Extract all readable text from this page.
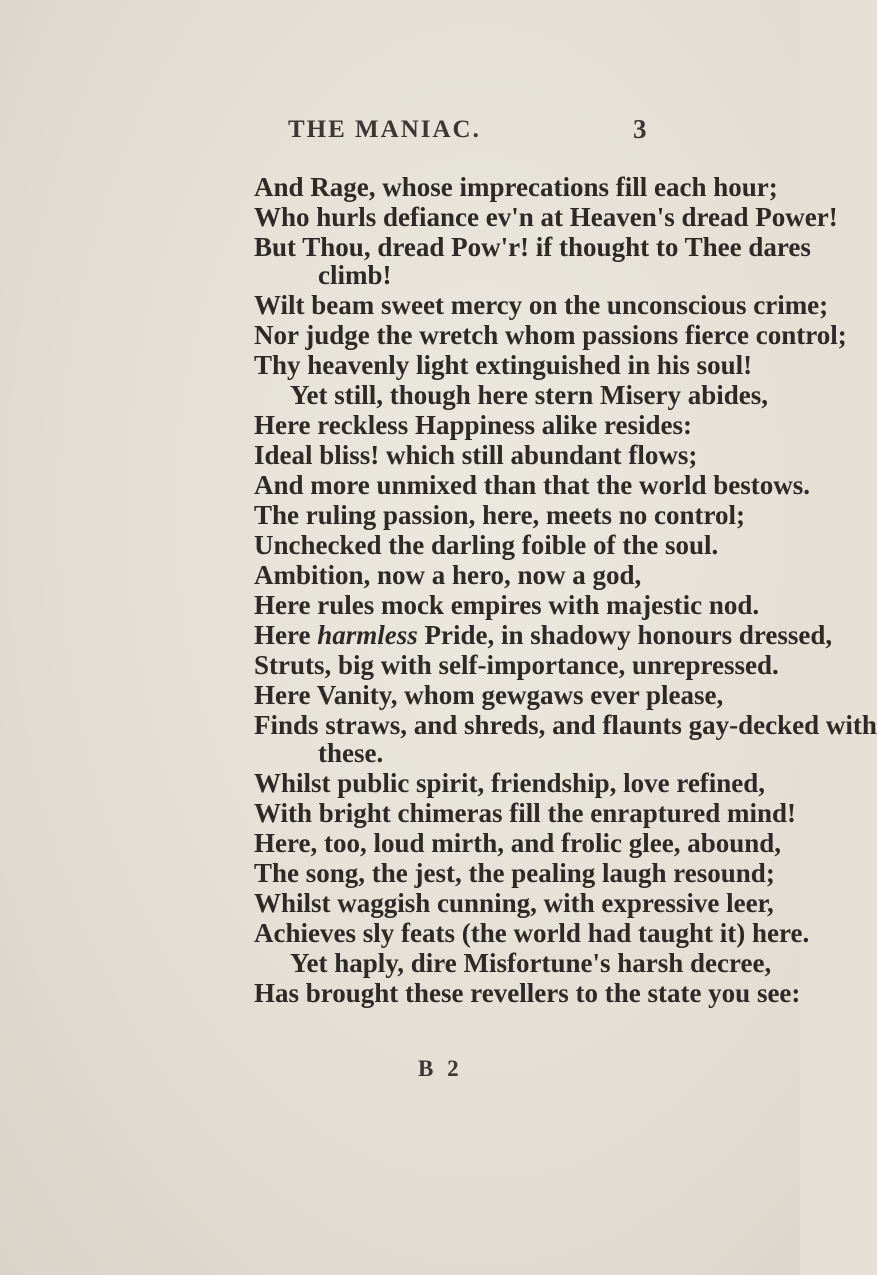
THE MANIAC.	3
And Rage, whose imprecations fill each hour;
Who hurls defiance ev'n at Heaven's dread Power!
But Thou, dread Pow'r! if thought to Thee dares
climb!
Wilt beam sweet mercy on the unconscious crime;
Nor judge the wretch whom passions fierce control;
Thy heavenly light extinguished in his soul!
Yet still, though here stern Misery abides,
Here reckless Happiness alike resides:
Ideal bliss! which still abundant flows;
And more unmixed than that the world bestows.
The ruling passion, here, meets no control;
Unchecked the darling foible of the soul.
Ambition, now a hero, now a god,
Here rules mock empires with majestic nod.
Here harmless Pride, in shadowy honours dressed,
Struts, big with self-importance, unrepressed.
Here Vanity, whom gewgaws ever please,
Finds straws, and shreds, and flaunts gay-decked with
these.
Whilst public spirit, friendship, love refined,
With bright chimeras fill the enraptured mind!
Here, too, loud mirth, and frolic glee, abound,
The song, the jest, the pealing laugh resound;
Whilst waggish cunning, with expressive leer,
Achieves sly feats (the world had taught it) here.
Yet haply, dire Misfortune's harsh decree,
Has brought these revellers to the state you see:
B 2
